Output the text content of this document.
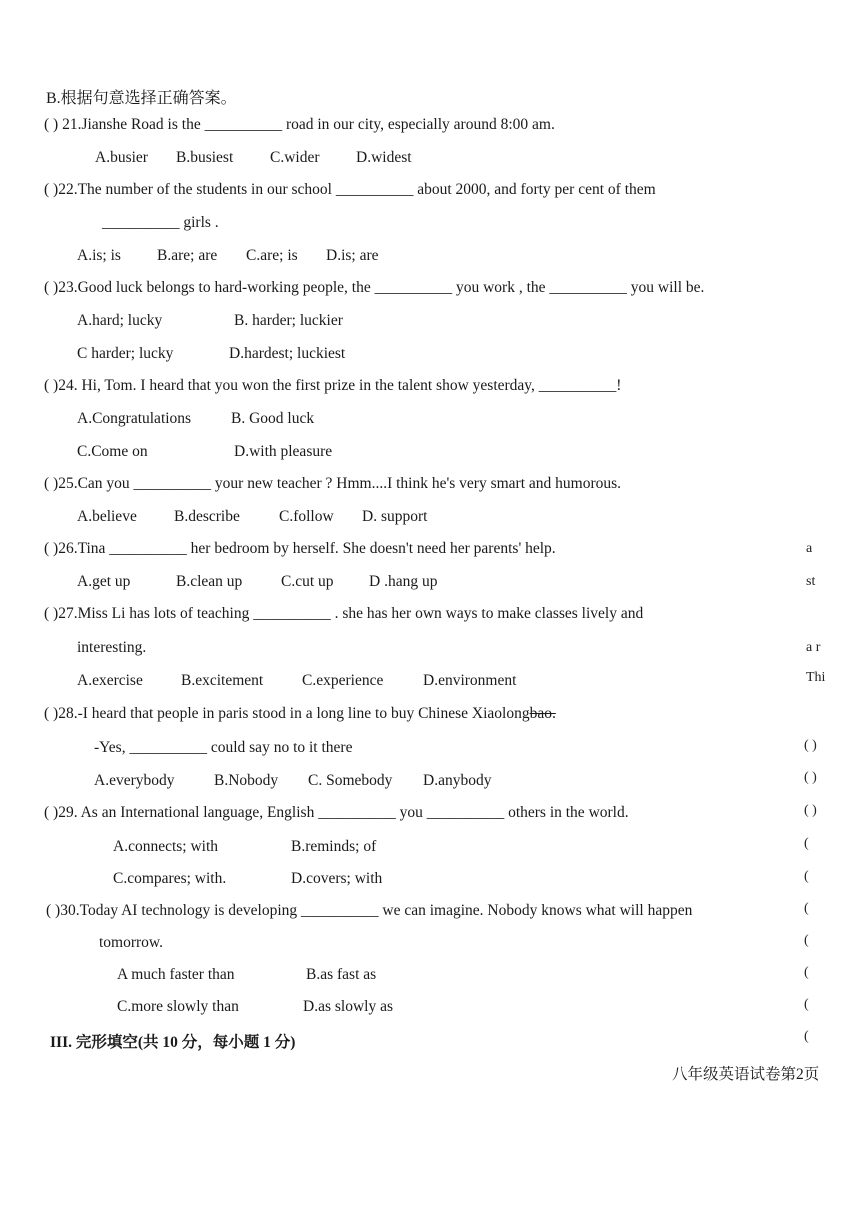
B.根据句意选择正确答案。
( ) 21.Jianshe Road is the __________ road in our city, especially around 8:00 am.
A.busier B.busiest C.wider D.widest
( )22.The number of the students in our school __________ about 2000, and forty per cent of them
__________ girls .
A.is; is B.are; are C.are; is D.is; are
( )23.Good luck belongs to hard-working people, the __________ you work , the __________ you will be.
A.hard; lucky	B. harder; luckier
C harder; lucky	D.hardest; luckiest
( )24. Hi, Tom. I heard that you won the first prize in the talent show yesterday, __________!
A.Congratulations	B. Good luck
C.Come on	D.with pleasure
( )25.Can you __________ your new teacher ? Hmm....I think he's very smart and humorous.
A.believe B.describe	C.follow D. support
( )26.Tina __________ her bedroom by herself. She doesn't need her parents' help.
A.get up	B.clean up C.cut up D .hang up
( )27.Miss Li has lots of teaching __________ . she has her own ways to make classes lively and
interesting.
A.exercise B.excitement	C.experience	D.environment
( )28.-I heard that people in paris stood in a long line to buy Chinese Xiaolongbao.
-Yes, __________ could say no to it there
A.everybody	B.Nobody C. Somebody D.anybody
( )29. As an International language, English __________ you __________ others in the world.
A.connects; with	B.reminds; of
C.compares; with.	D.covers; with
( )30.Today AI technology is developing __________ we can imagine. Nobody knows what will happen
tomorrow.
A much faster than	B.as fast as
C.more slowly than	D.as slowly as
III. 完形填空(共 10 分，每小题 1 分)
八年级英语试卷第2页
a
st
a r
Thi
( )
( )
( )
(
(
(
(
(
(
(
